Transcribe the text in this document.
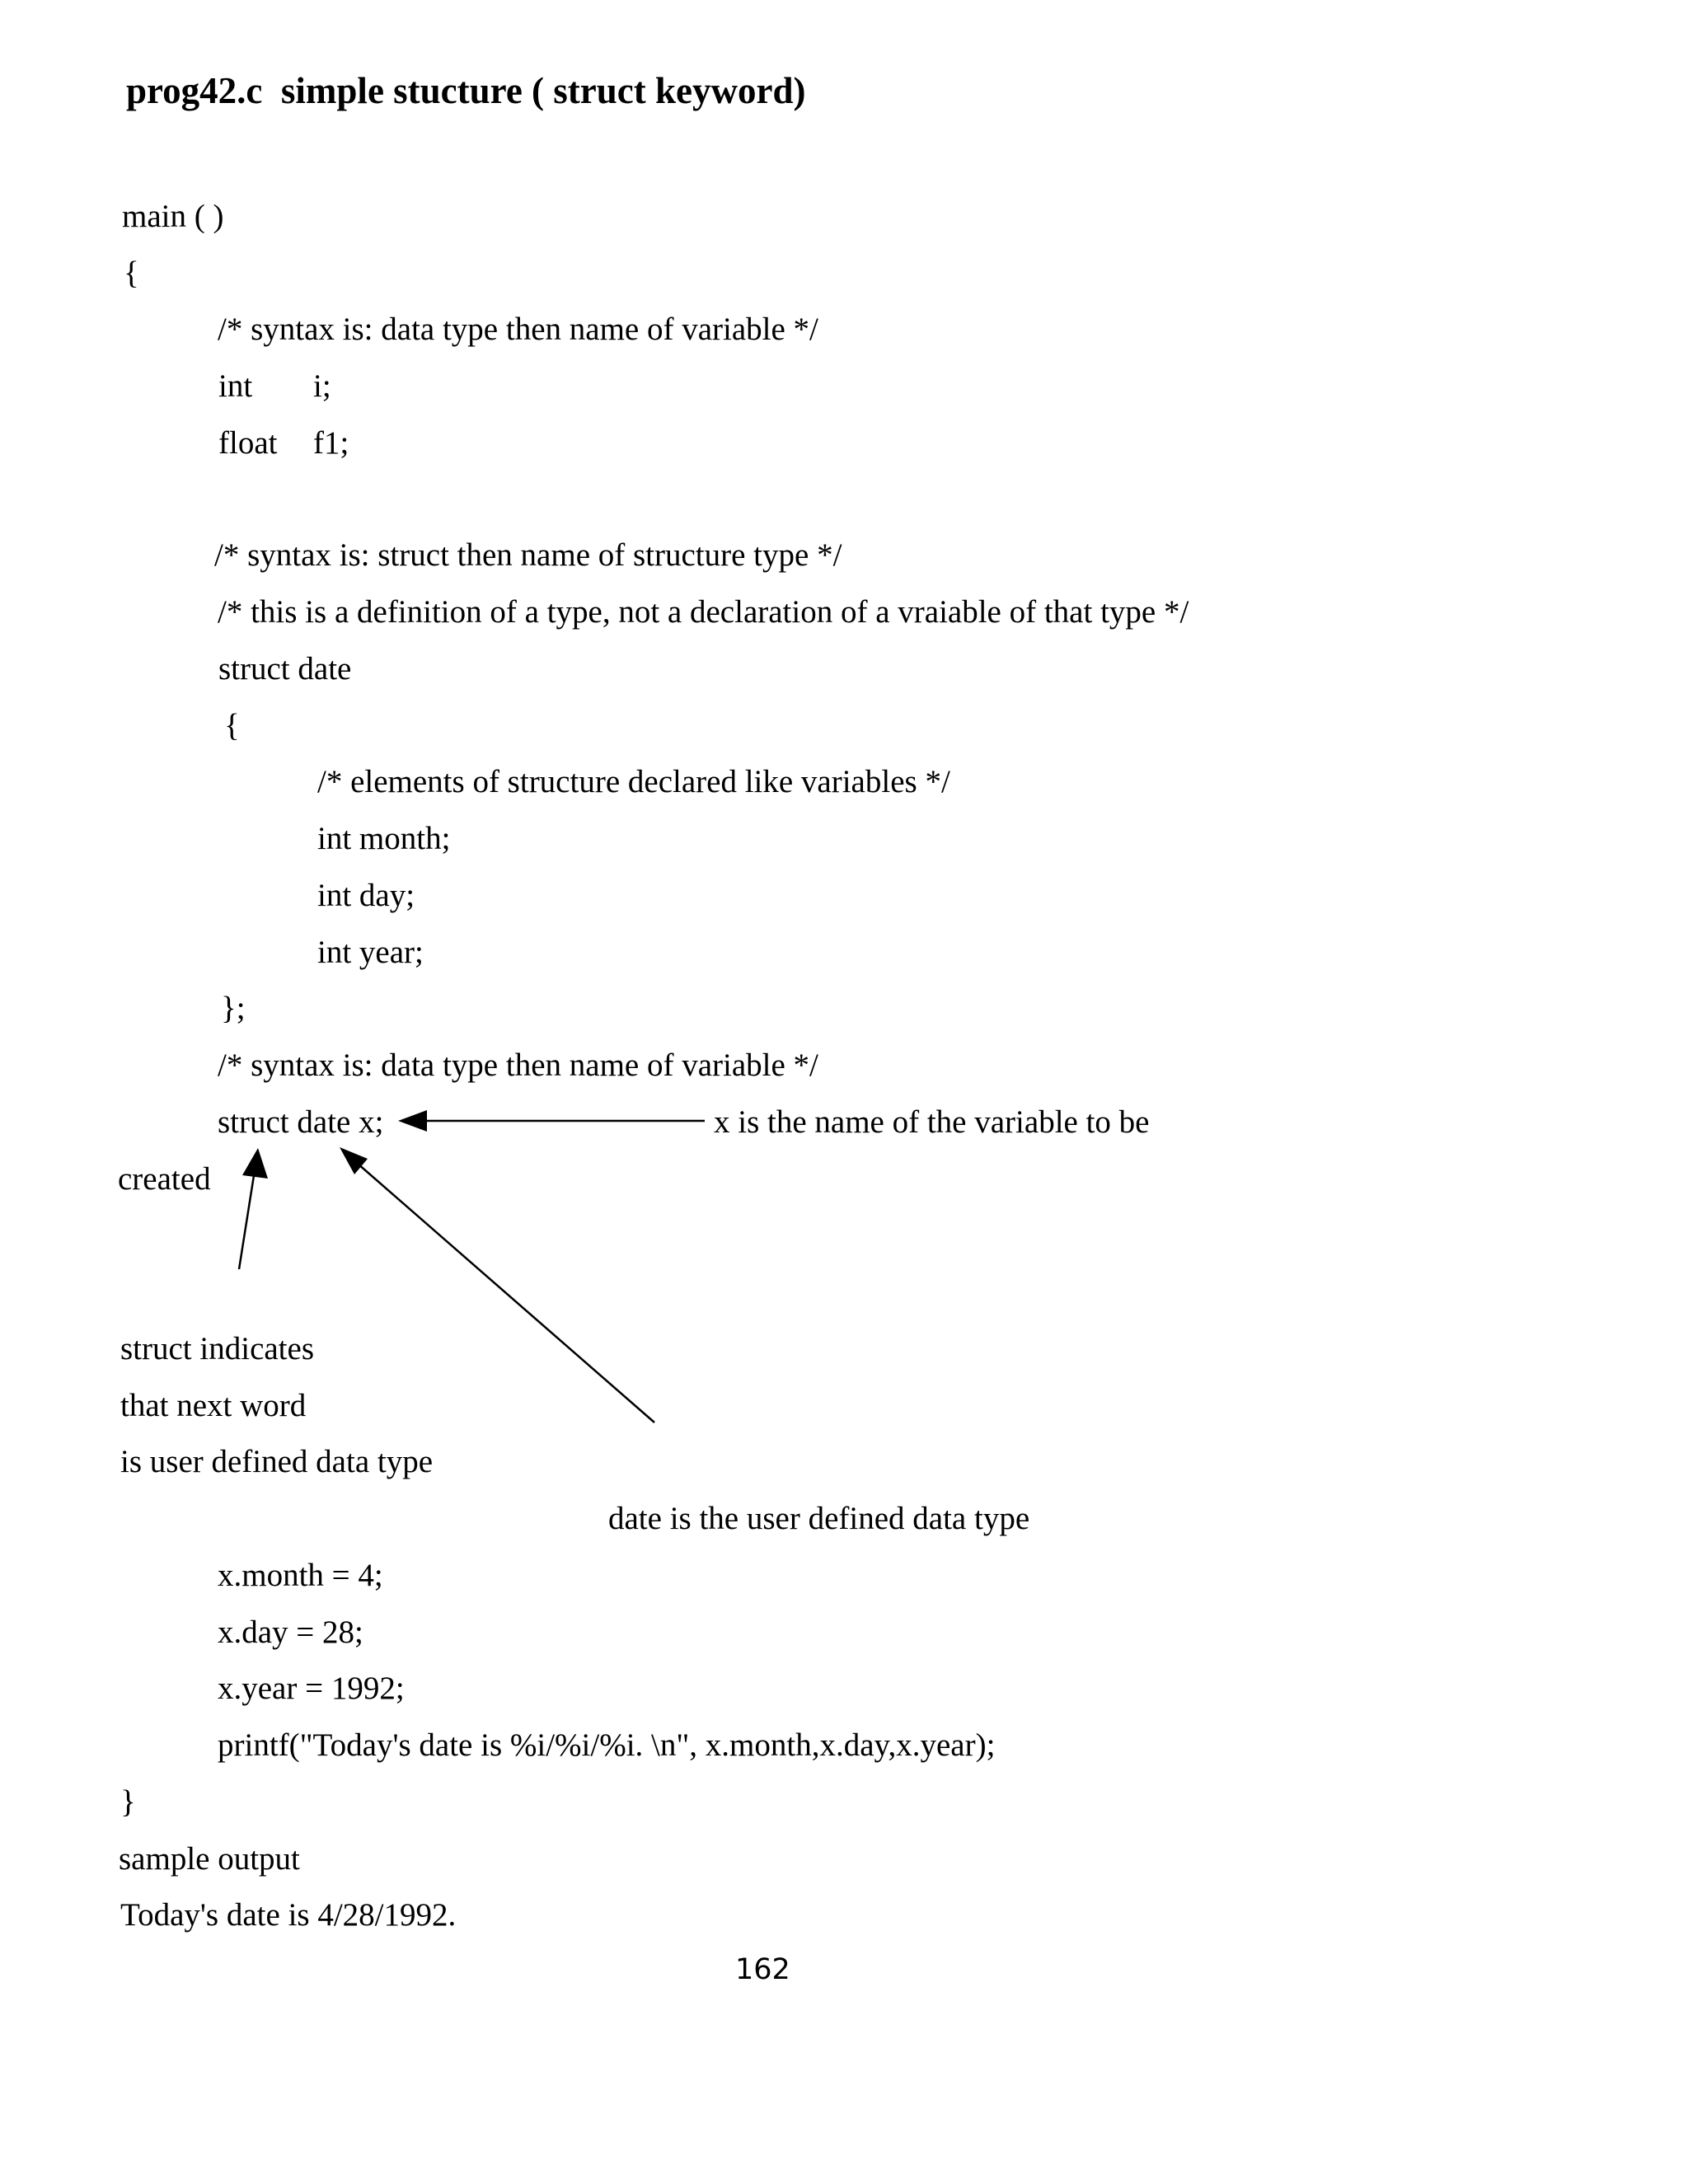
prog42.c  simple stucture ( struct keyword)
main ( )
{
/* syntax is: data type then name of variable */
int i;
float f1;
/* syntax is: struct then name of structure type */
/* this is a definition of a type, not a declaration of a vraiable of that type */
struct date
{
/* elements of structure declared like variables */
int month;
int day;
int year;
};
/* syntax is: data type then name of variable */
struct date x;	x is the name of the variable to be
created
struct indicates
that next word
is user defined data type
date is the user defined data type
x.month = 4;
x.day = 28;
x.year = 1992;
printf("Today's date is %i/%i/%i. \n", x.month,x.day,x.year);
}
sample output
Today's date is 4/28/1992.
162
